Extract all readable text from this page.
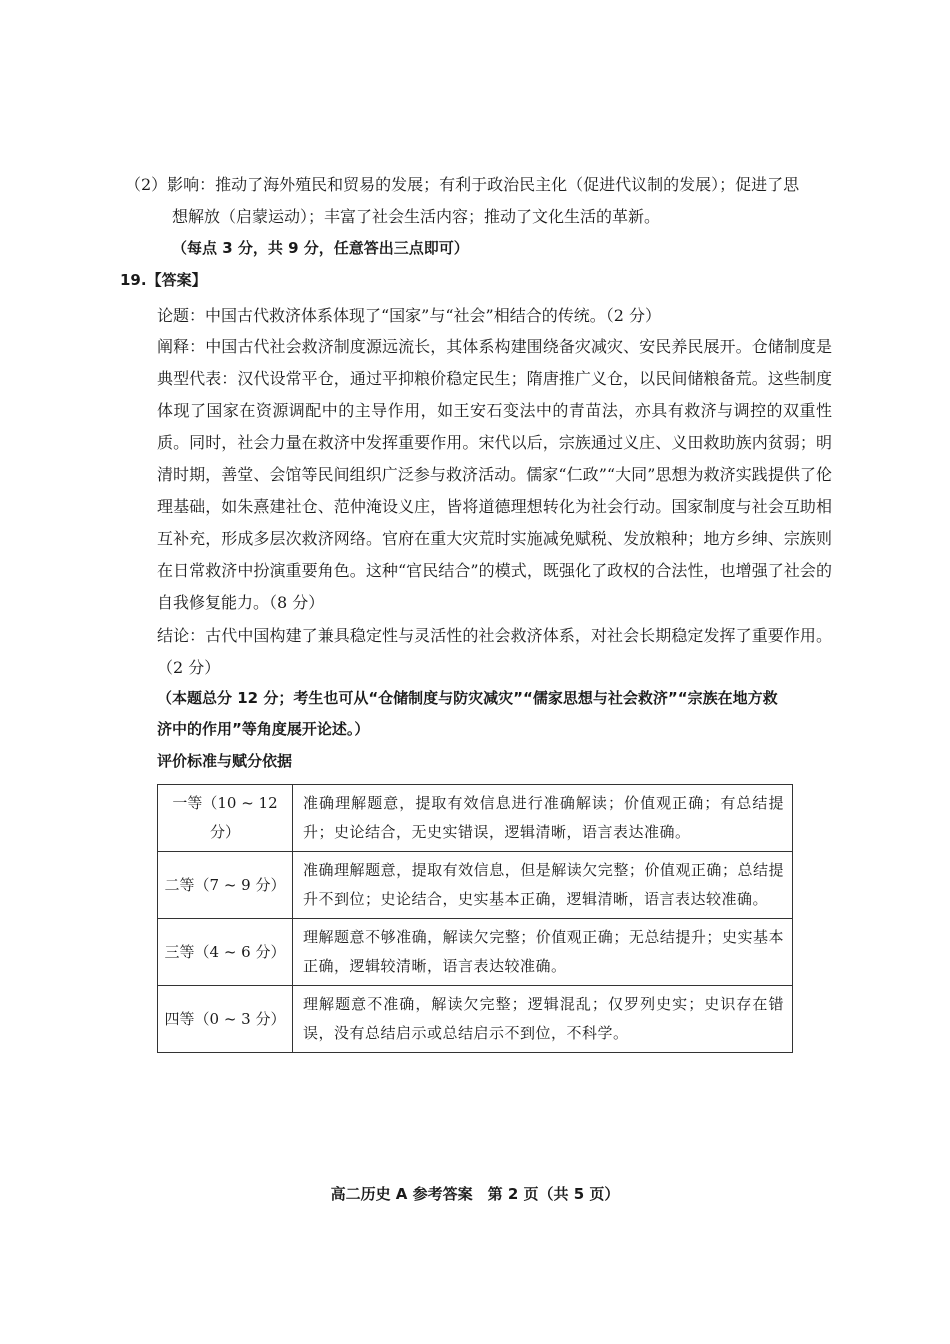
（2）影响：推动了海外殖民和贸易的发展；有利于政治民主化（促进代议制的发展）；促进了思
想解放（启蒙运动）；丰富了社会生活内容；推动了文化生活的革新。
（每点 3 分，共 9 分，任意答出三点即可）
19.【答案】
论题：中国古代救济体系体现了“国家”与“社会”相结合的传统。（2 分）
阐释：中国古代社会救济制度源远流长，其体系构建围绕备灾减灾、安民养民展开。仓储制度是典型代表：汉代设常平仓，通过平抑粮价稳定民生；隋唐推广义仓，以民间储粮备荒。这些制度体现了国家在资源调配中的主导作用，如王安石变法中的青苗法，亦具有救济与调控的双重性质。同时，社会力量在救济中发挥重要作用。宋代以后，宗族通过义庄、义田救助族内贫弱；明清时期，善堂、会馆等民间组织广泛参与救济活动。儒家“仁政”“大同”思想为救济实践提供了伦理基础，如朱熹建社仓、范仲淹设义庄，皆将道德理想转化为社会行动。国家制度与社会互助相互补充，形成多层次救济网络。官府在重大灾荒时实施减免赋税、发放粮种；地方乡绅、宗族则在日常救济中扮演重要角色。这种“官民结合”的模式，既强化了政权的合法性，也增强了社会的自我修复能力。（8 分）
结论：古代中国构建了兼具稳定性与灵活性的社会救济体系，对社会长期稳定发挥了重要作用。（2 分）
（本题总分 12 分；考生也可从“仓储制度与防灾减灾”“儒家思想与社会救济”“宗族在地方救
济中的作用”等角度展开论述。）
评价标准与赋分依据
一等（10 ~ 12 分）	准确理解题意，提取有效信息进行准确解读；价值观正确；有总结提升；史论结合，无史实错误，逻辑清晰，语言表达准确。
二等（7 ~ 9 分）	准确理解题意，提取有效信息，但是解读欠完整；价值观正确；总结提升不到位；史论结合，史实基本正确，逻辑清晰，语言表达较准确。
三等（4 ~ 6 分）	理解题意不够准确，解读欠完整；价值观正确；无总结提升；史实基本正确，逻辑较清晰，语言表达较准确。
四等（0 ~ 3 分）	理解题意不准确，解读欠完整；逻辑混乱；仅罗列史实；史识存在错误，没有总结启示或总结启示不到位，不科学。
高二历史 A 参考答案　第 2 页（共 5 页）
